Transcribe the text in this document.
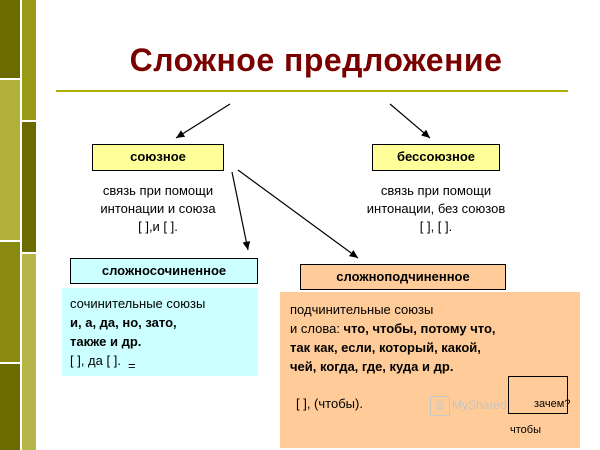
Сложное предложение
союзное	бессоюзное
связь при помощи
интонации и союза
[ ],и [ ].
связь при помощи
интонации, без союзов
[ ], [ ].
сложносочиненное	сложноподчиненное
сочинительные союзы
и, а, да, но, зато,
также и др.
[ ], да [ ]. =
подчинительные союзы
и слова: что, чтобы, потому что,
так как, если, который, какой,
чей, когда, где, куда и др.
[ ], (чтобы).	зачем?
чтобы
▥ MyShared
